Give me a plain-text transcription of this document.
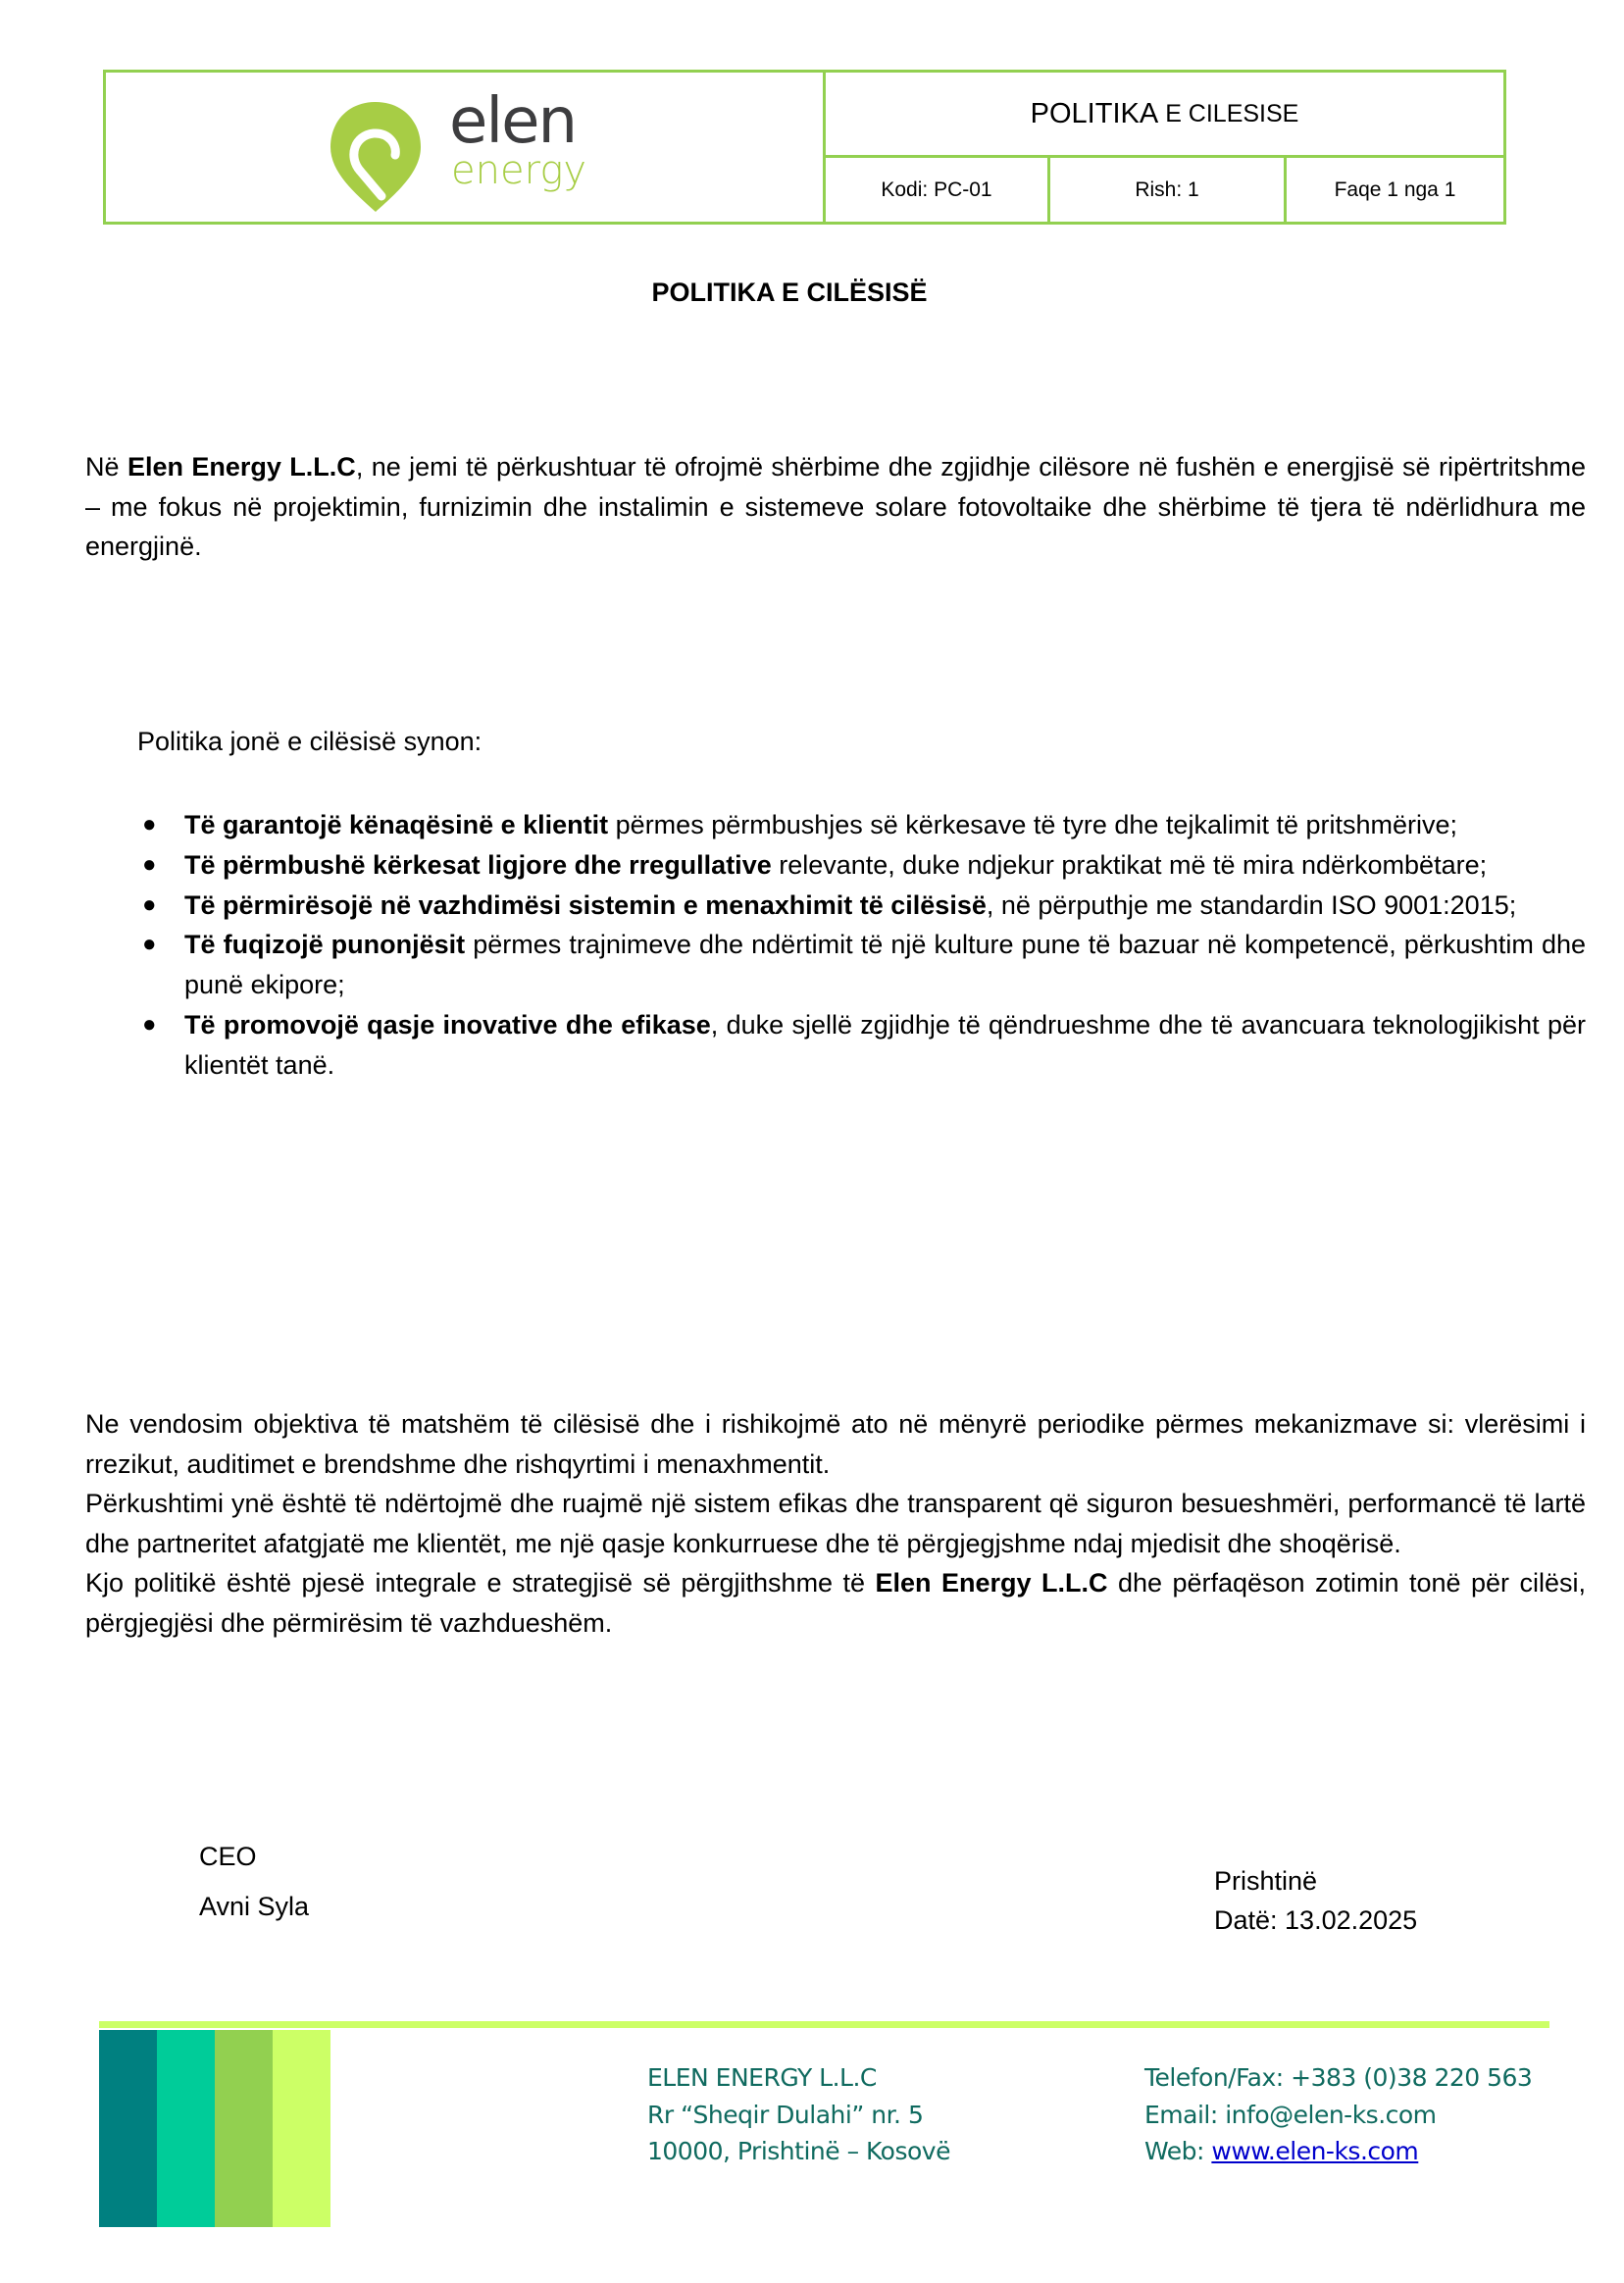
elen
energy
POLITIKA E CILESISE
Kodi: PC-01	Rish: 1	Faqe 1 nga 1
POLITIKA E CILËSISË

Në Elen Energy L.L.C, ne jemi të përkushtuar të ofrojmë shërbime dhe zgjidhje cilësore në fushën e energjisë së ripërtritshme – me fokus në projektimin, furnizimin dhe instalimin e sistemeve solare fotovoltaike dhe shërbime të tjera të ndërlidhura me energjinë.

Politika jonë e cilësisë synon:
● Të garantojë kënaqësinë e klientit përmes përmbushjes së kërkesave të tyre dhe tejkalimit të pritshmërive;
● Të përmbushë kërkesat ligjore dhe rregullative relevante, duke ndjekur praktikat më të mira ndërkombëtare;
● Të përmirësojë në vazhdimësi sistemin e menaxhimit të cilësisë, në përputhje me standardin ISO 9001:2015;
● Të fuqizojë punonjësit përmes trajnimeve dhe ndërtimit të një kulture pune të bazuar në kompetencë, përkushtim dhe punë ekipore;
● Të promovojë qasje inovative dhe efikase, duke sjellë zgjidhje të qëndrueshme dhe të avancuara teknologjikisht për klientët tanë.

Ne vendosim objektiva të matshëm të cilësisë dhe i rishikojmë ato në mënyrë periodike përmes mekanizmave si: vlerësimi i rrezikut, auditimet e brendshme dhe rishqyrtimi i menaxhmentit.

Përkushtimi ynë është të ndërtojmë dhe ruajmë një sistem efikas dhe transparent që siguron besueshmëri, performancë të lartë dhe partneritet afatgjatë me klientët, me një qasje konkurruese dhe të përgjegjshme ndaj mjedisit dhe shoqërisë.

Kjo politikë është pjesë integrale e strategjisë së përgjithshme të Elen Energy L.L.C dhe përfaqëson zotimin tonë për cilësi, përgjegjësi dhe përmirësim të vazhdueshëm.

CEO
Avni Syla
Prishtinë
Datë: 13.02.2025
ELEN ENERGY L.L.C
Rr “Sheqir Dulahi” nr. 5
10000, Prishtinë – Kosovë
Telefon/Fax: +383 (0)38 220 563
Email: info@elen-ks.com
Web: www.elen-ks.com
